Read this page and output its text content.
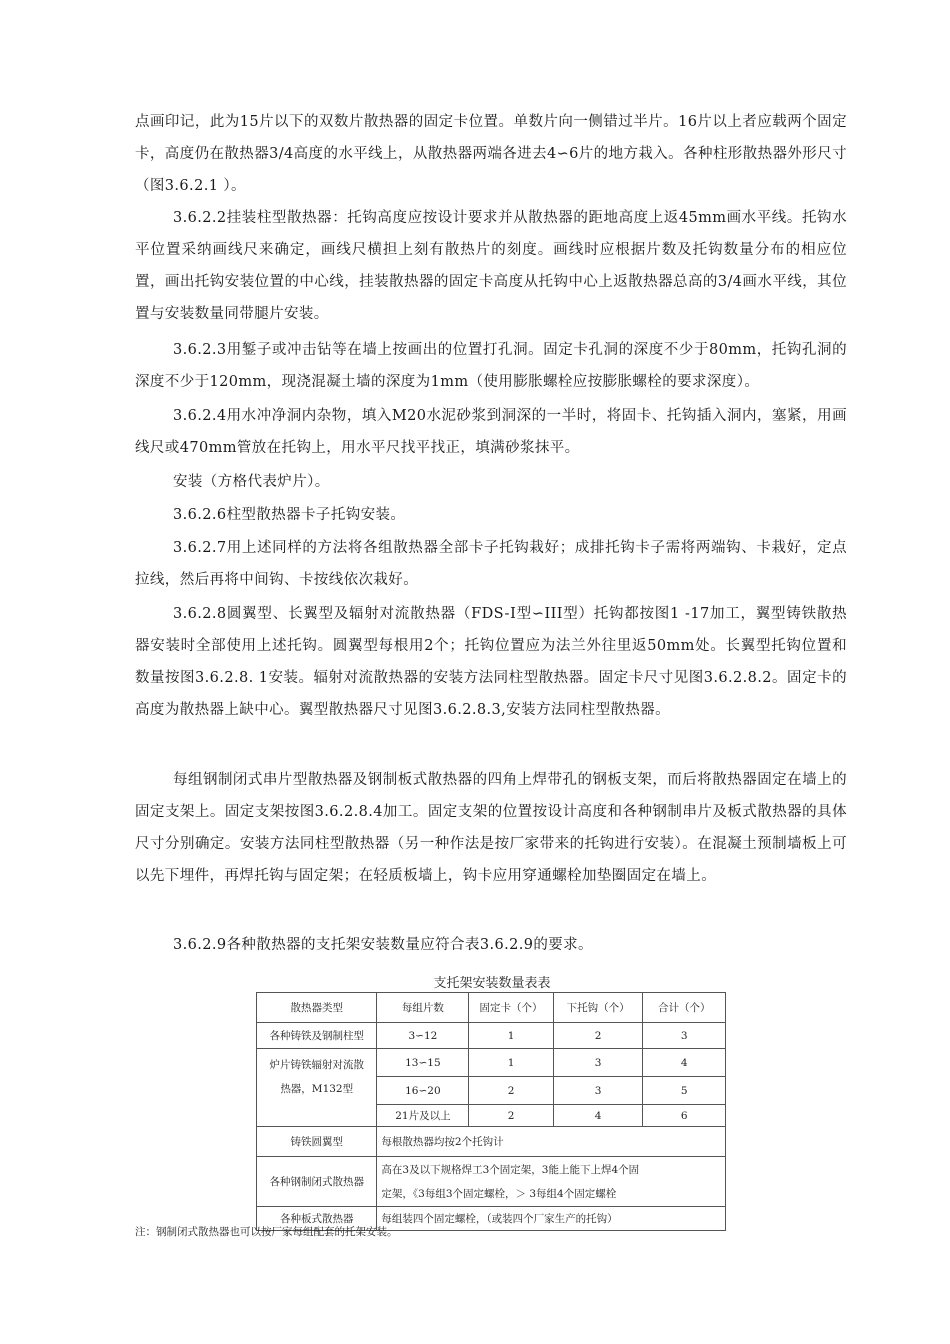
点画印记，此为15片以下的双数片散热器的固定卡位置。单数片向一侧错过半片。16片以上者应载两个固定卡，高度仍在散热器3/4高度的水平线上，从散热器两端各进去4∽6片的地方栽入。各种柱形散热器外形尺寸（图3.6.2.1 ）。
3.6.2.2挂装柱型散热器：托钩高度应按设计要求并从散热器的距地高度上返45mm画水平线。托钩水平位置采纳画线尺来确定，画线尺横担上刻有散热片的刻度。画线时应根据片数及托钩数量分布的相应位置，画出托钩安装位置的中心线，挂装散热器的固定卡高度从托钩中心上返散热器总高的3/4画水平线，其位置与安装数量同带腿片安装。
3.6.2.3用錾子或冲击钻等在墙上按画出的位置打孔洞。固定卡孔洞的深度不少于80mm，托钩孔洞的深度不少于120mm，现浇混凝土墙的深度为1mm（使用膨胀螺栓应按膨胀螺栓的要求深度）。
3.6.2.4用水冲净洞内杂物，填入M20水泥砂浆到洞深的一半时，将固卡、托钩插入洞内，塞紧，用画线尺或470mm管放在托钩上，用水平尺找平找正，填满砂浆抹平。
安装（方格代表炉片）。
3.6.2.6柱型散热器卡子托钩安装。
3.6.2.7用上述同样的方法将各组散热器全部卡子托钩栽好；成排托钩卡子需将两端钩、卡栽好，定点拉线，然后再将中间钩、卡按线依次栽好。
3.6.2.8圆翼型、长翼型及辐射对流散热器（FDS-Ⅰ型∽III型）托钩都按图1 -17加工，翼型铸铁散热器安装时全部使用上述托钩。圆翼型每根用2个；托钩位置应为法兰外往里返50mm处。长翼型托钩位置和数量按图3.6.2.8. 1安装。辐射对流散热器的安装方法同柱型散热器。固定卡尺寸见图3.6.2.8.2。固定卡的高度为散热器上缺中心。翼型散热器尺寸见图3.6.2.8.3,安装方法同柱型散热器。
每组钢制闭式串片型散热器及钢制板式散热器的四角上焊带孔的钢板支架，而后将散热器固定在墙上的固定支架上。固定支架按图3.6.2.8.4加工。固定支架的位置按设计高度和各种钢制串片及板式散热器的具体尺寸分别确定。安装方法同柱型散热器（另一种作法是按厂家带来的托钩进行安装）。在混凝土预制墙板上可以先下埋件，再焊托钩与固定架；在轻质板墙上，钩卡应用穿通螺栓加垫圈固定在墙上。
3.6.2.9各种散热器的支托架安装数量应符合表3.6.2.9的要求。
支托架安装数量表表
散热器类型	每组片数	固定卡（个）	下托钩（个）	合计（个）
各种铸铁及钢制柱型	3∽12	1	2	3

炉片铸铁辐射对流散
热器，M132型	13∽15	1	3	4
	16∽20	2	3	5
	21片及以上	2	4	6
铸铁圆翼型	每根散热器均按2个托钩计			
各种钢制闭式散热器	高在3及以下规格焊工3个固定架，3能上能下上焊4个固
定架，《3每组3个固定螺栓，＞ 3每组4个固定螺栓			

各种板式散热器	每组装四个固定螺栓，（或装四个厂家生产的托钩）			
注：钢制闭式散热器也可以按厂家每组配套的托架安装。
